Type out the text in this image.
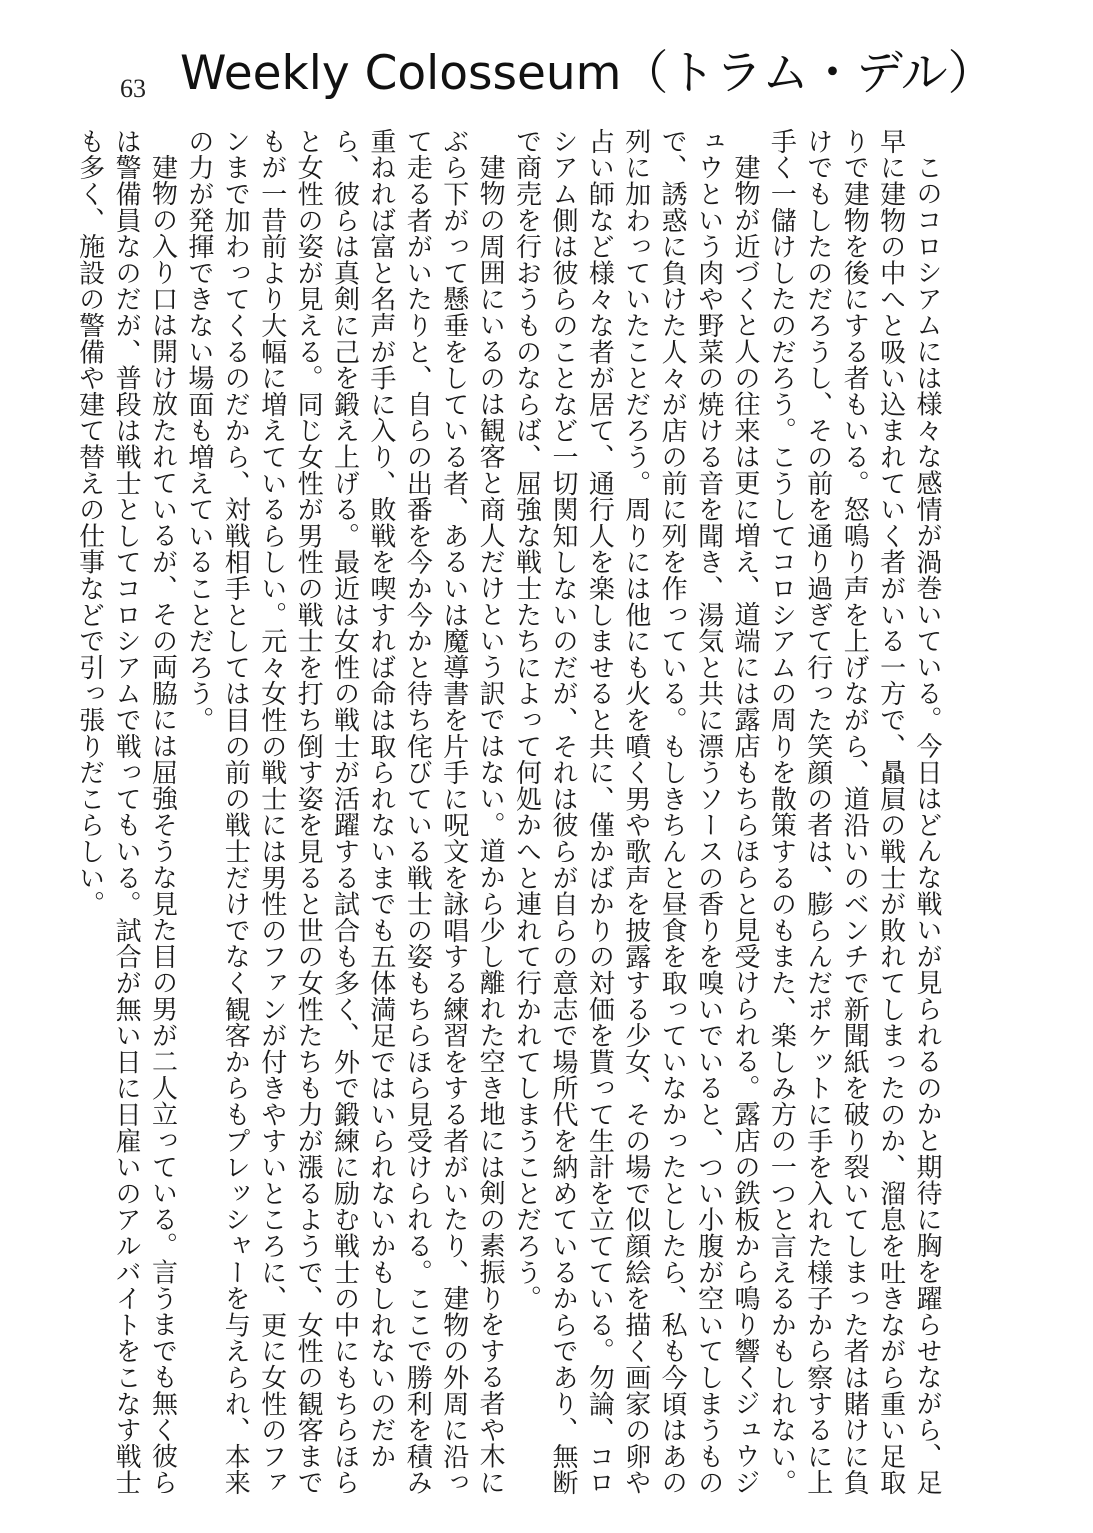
63 Weekly Colosseum（トラム・デル）

このコロシアムには様々な感情が渦巻いている。今日はどんな戦いが見られるのかと期待に胸を躍らせながら、足早に建物の中へと吸い込まれていく者がいる一方で、贔屓の戦士が敗れてしまったのか、溜息を吐きながら重い足取りで建物を後にする者もいる。怒鳴り声を上げながら、道沿いのベンチで新聞紙を破り裂いてしまった者は賭けに負けでもしたのだろうし、その前を通り過ぎて行った笑顔の者は、膨らんだポケットに手を入れた様子から察するに上手く一儲けしたのだろう。こうしてコロシアムの周りを散策するのもまた、楽しみ方の一つと言えるかもしれない。

建物が近づくと人の往来は更に増え、道端には露店もちらほらと見受けられる。露店の鉄板から鳴り響くジュウジュウという肉や野菜の焼ける音を聞き、湯気と共に漂うソースの香りを嗅いでいると、つい小腹が空いてしまうもので、誘惑に負けた人々が店の前に列を作っている。もしきちんと昼食を取っていなかったとしたら、私も今頃はあの列に加わっていたことだろう。周りには他にも火を噴く男や歌声を披露する少女、その場で似顔絵を描く画家の卵や占い師など様々な者が居て、通行人を楽しませると共に、僅かばかりの対価を貰って生計を立てている。勿論、コロシアム側は彼らのことなど一切関知しないのだが、それは彼らが自らの意志で場所代を納めているからであり、無断で商売を行おうものならば、屈強な戦士たちによって何処かへと連れて行かれてしまうことだろう。

建物の周囲にいるのは観客と商人だけという訳ではない。道から少し離れた空き地には剣の素振りをする者や木にぶら下がって懸垂をしている者、あるいは魔導書を片手に呪文を詠唱する練習をする者がいたり、建物の外周に沿って走る者がいたりと、自らの出番を今か今かと待ち侘びている戦士の姿もちらほら見受けられる。ここで勝利を積み重ねれば富と名声が手に入り、敗戦を喫すれば命は取られないまでも五体満足ではいられないかもしれないのだから、彼らは真剣に己を鍛え上げる。最近は女性の戦士が活躍する試合も多く、外で鍛練に励む戦士の中にもちらほらと女性の姿が見える。同じ女性が男性の戦士を打ち倒す姿を見ると世の女性たちも力が漲るようで、女性の観客までもが一昔前より大幅に増えているらしい。元々女性の戦士には男性のファンが付きやすいところに、更に女性のファンまで加わってくるのだから、対戦相手としては目の前の戦士だけでなく観客からもプレッシャーを与えられ、本来の力が発揮できない場面も増えていることだろう。

建物の入り口は開け放たれているが、その両脇には屈強そうな見た目の男が二人立っている。言うまでも無く彼らは警備員なのだが、普段は戦士としてコロシアムで戦ってもいる。試合が無い日に日雇いのアルバイトをこなす戦士も多く、施設の警備や建て替えの仕事などで引っ張りだこらしい。
